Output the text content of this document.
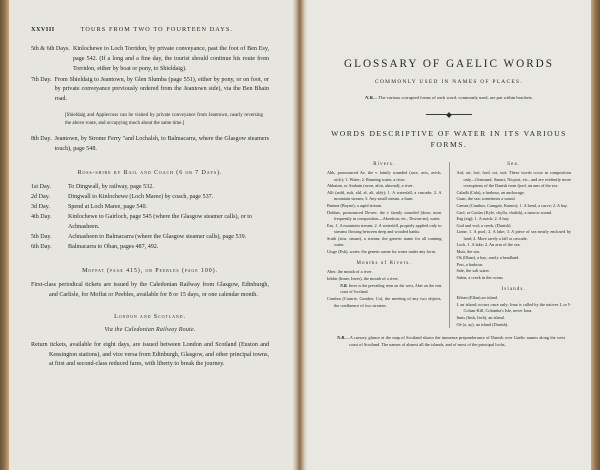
XXVIII	TOURS FROM TWO TO FOURTEEN DAYS.
5th & 6th Days. Kinlochewe to Loch Torridon, by private conveyance, past the foot of Ben Esy, page 542. (If a long and a fine day, the tourist should continue his route from Torridon, either by boat or pony, to Shieldaig).
7th Day. From Shieldaig to Jeantown, by Glen Slumba (page 551), either by pony, or on foot, or by private conveyance previously ordered from the Jeantown side), via the Ben Bhain road.
[Shieldaig and Applecross can be visited by private conveyance from Jeantown, nearly reversing the above route, and occupying much about the same time.]
8th Day. Jeantown, by Strome Ferry "and Lochalsh, to Balmacarra, where the Glasgow steamers touch), page 548.
Ross-shire by Rail and Coach (6 or 7 Days).
1st Day.	To Dingwall, by railway, page 532.
2d Day.	Dingwall to Kinlochewe (Loch Maree) by coach, page 537.
3d Day.	Spend at Loch Maree, page 540.
4th Day.	Kinlochewe to Gairloch, page 545 (where the Glasgow steamer calls), or to Achnasheen.
5th Day.	Achnasheen to Balmacarra (where the Glasgow steamer calls), page 539.
6th Day.	Balmacarra to Oban, pages 487, 492.
Moffat (page 415), or Peebles (page 100).
First-class periodical tickets are issued by the Caledonian Railway from Glasgow, Edinburgh, and Carlisle, for Moffat or Peebles, available for 8 or 15 days, or one calendar month.
London and Scotland.
Via the Caledonian Railway Route.
Return tickets, available for eight days, are issued between London and Scotland (Euston and Kensington stations), and vice versa from Edinburgh, Glasgow, and other principal towns, at first and second-class reduced fares, with liberty to break the journey.
GLOSSARY OF GAELIC WORDS
COMMONLY USED IN NAMES OF PLACES.
N.B.—The various corrupted forms of each word, commonly used, are put within brackets.
WORDS DESCRIPTIVE OF WATER IN ITS VARIOUS FORMS.
Rivers.
Abh, pronounced Av, the v faintly sounded (awe, avis, avich, oich); 1. Water; 2. Running water, a river.
Abhainn, or Amhain (avon, afon, almond); a river.
Allt (auld, ault, ald, al, alt, aldy); 1. A waterfall, a cascade; 2. A mountain stream; 3. Any small stream, a burn.
Buinne (Boyne), a rapid stream.
Dobhar, pronounced Dower, the v faintly sounded (dour; most frequently in composition—Aberdour, etc., Dovon-an), water.
Eas, 1. A mountain stream; 2. A waterfall, properly applied only to streams flowing between deep and wooded banks.
Sruth (stru, struan), a stream; the generic name for all running water.
Uisge (Esk), water; the generic name for water under any form.
Mouths of Rivers.
Aber, the mouth of a river.
Inbhir (Inner, Inver), the mouth of a river.
N.B. Inver is the prevailing term on the west, Aber on the east coast of Scotland.
Comhra (Comrie, Cumber, Co), the meeting of any two objects, the confluence of two streams.
Sea.
Ard, art, fort, ford, ort, ood. These words occur in composition only—Ormsund, Sunart, Nicport, etc., and are evidently more corruptions of the Danish term fjord, an arm of the sea.
Caladh (Cala), a harbour, an anchorage.
Cuan, the sea; sometimes a sound.
Camus (Cambus, Camgair, Kames); 1. A bend, a curve; 2. A bay.
Caol, or Caolas (Kyle, chylla, chalish), a narrow sound.
Eag (aig); 1. A notch; 2. A bay.
God and vod; a creek, (Danish).
Linne, 1. A pool; 2. A lake; 3. A piece of sea nearly enclosed by land; 4. More rarely a fall or cascade.
Loch, 1. A lake; 2. An arm of the sea.
Muir, the sea.
Ob (Oban), a bay; rarely a headland.
Port, a harbour.
Sale, the salt water.
Sulen, a creek in the ocean.
Islands.
Eilean (Ellan) an island.
I, an island; occurs once only; Iona is called by the natives I, or I-Colum-Kill, Columba's Isle, never Iona.
Innis (Insh, Inch), an island.
Oé (a, ay), an island (Danish).
N.B.—A cursory glance at the map of Scotland shows the immense preponderance of Danish over Gaelic names along the west coast of Scotland. The names of almost all the islands, and of most of the principal lochs,
